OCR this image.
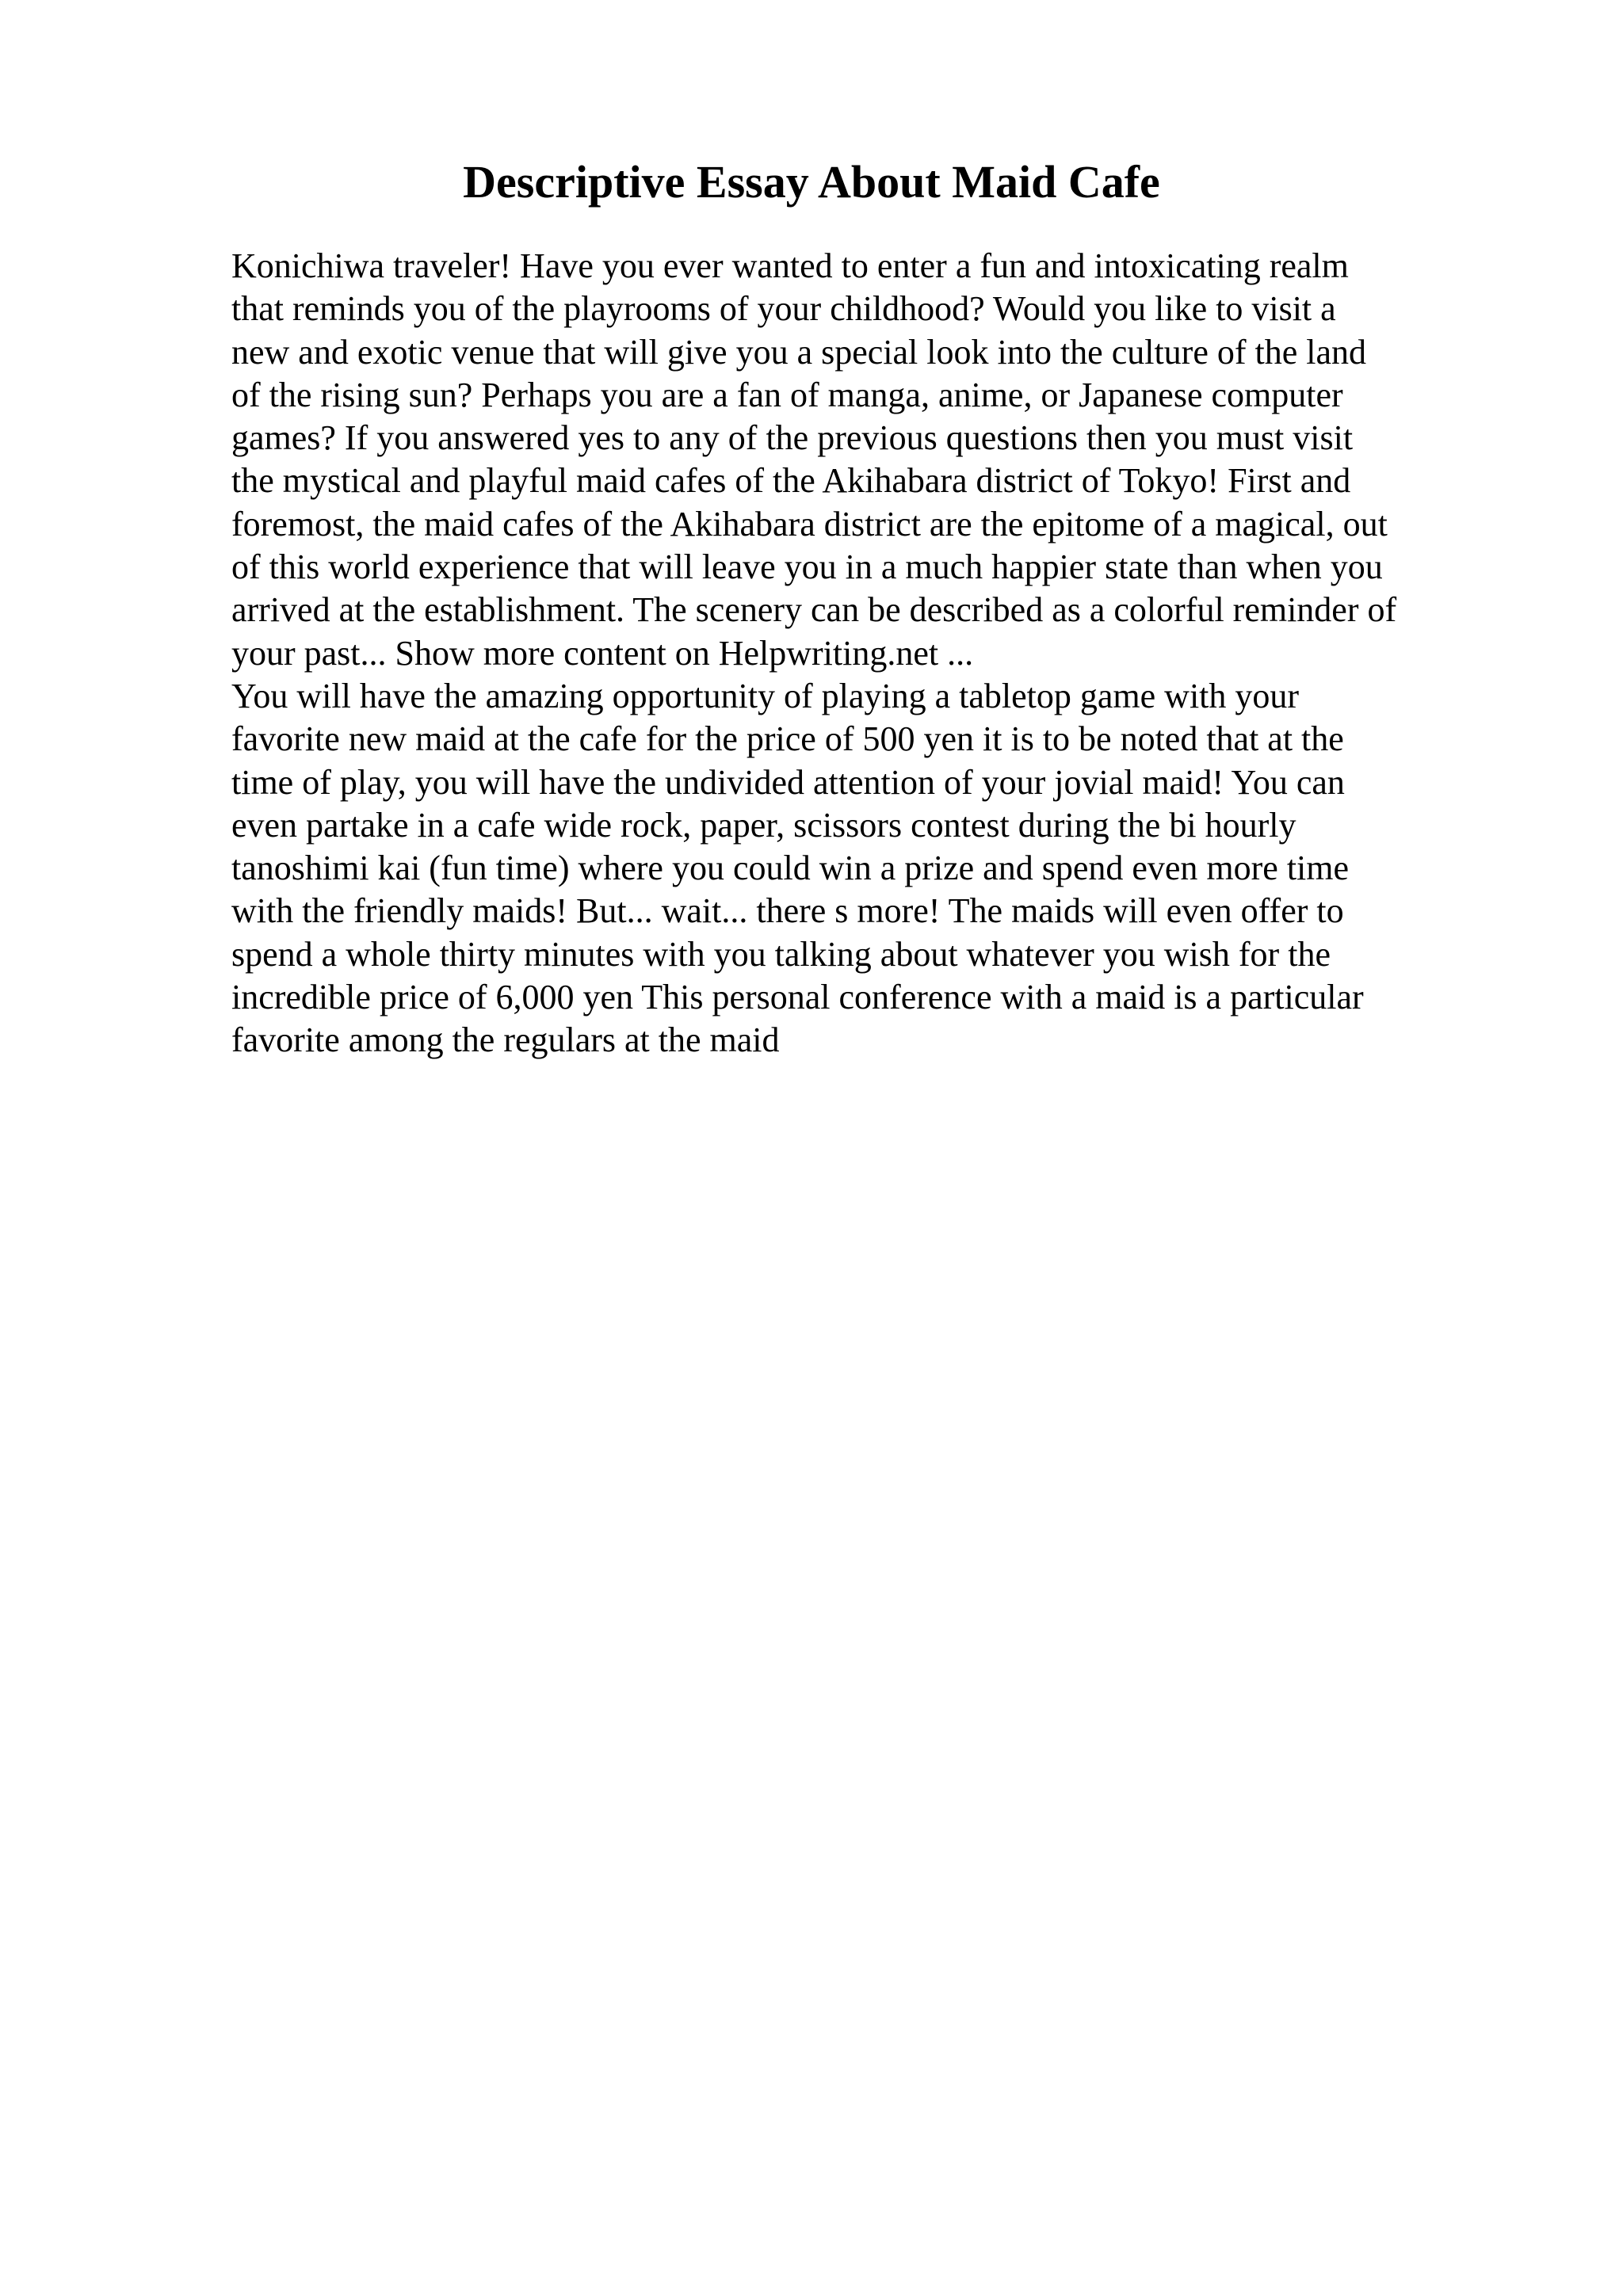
Descriptive Essay About Maid Cafe
Konichiwa traveler! Have you ever wanted to enter a fun and intoxicating realm
that reminds you of the playrooms of your childhood? Would you like to visit a
new and exotic venue that will give you a special look into the culture of the land
of the rising sun? Perhaps you are a fan of manga, anime, or Japanese computer
games? If you answered yes to any of the previous questions then you must visit
the mystical and playful maid cafes of the Akihabara district of Tokyo! First and
foremost, the maid cafes of the Akihabara district are the epitome of a magical, out
of this world experience that will leave you in a much happier state than when you
arrived at the establishment. The scenery can be described as a colorful reminder of
your past... Show more content on Helpwriting.net ...
You will have the amazing opportunity of playing a tabletop game with your
favorite new maid at the cafe for the price of 500 yen it is to be noted that at the
time of play, you will have the undivided attention of your jovial maid! You can
even partake in a cafe wide rock, paper, scissors contest during the bi hourly
tanoshimi kai (fun time) where you could win a prize and spend even more time
with the friendly maids! But... wait... there s more! The maids will even offer to
spend a whole thirty minutes with you talking about whatever you wish for the
incredible price of 6,000 yen This personal conference with a maid is a particular
favorite among the regulars at the maid
